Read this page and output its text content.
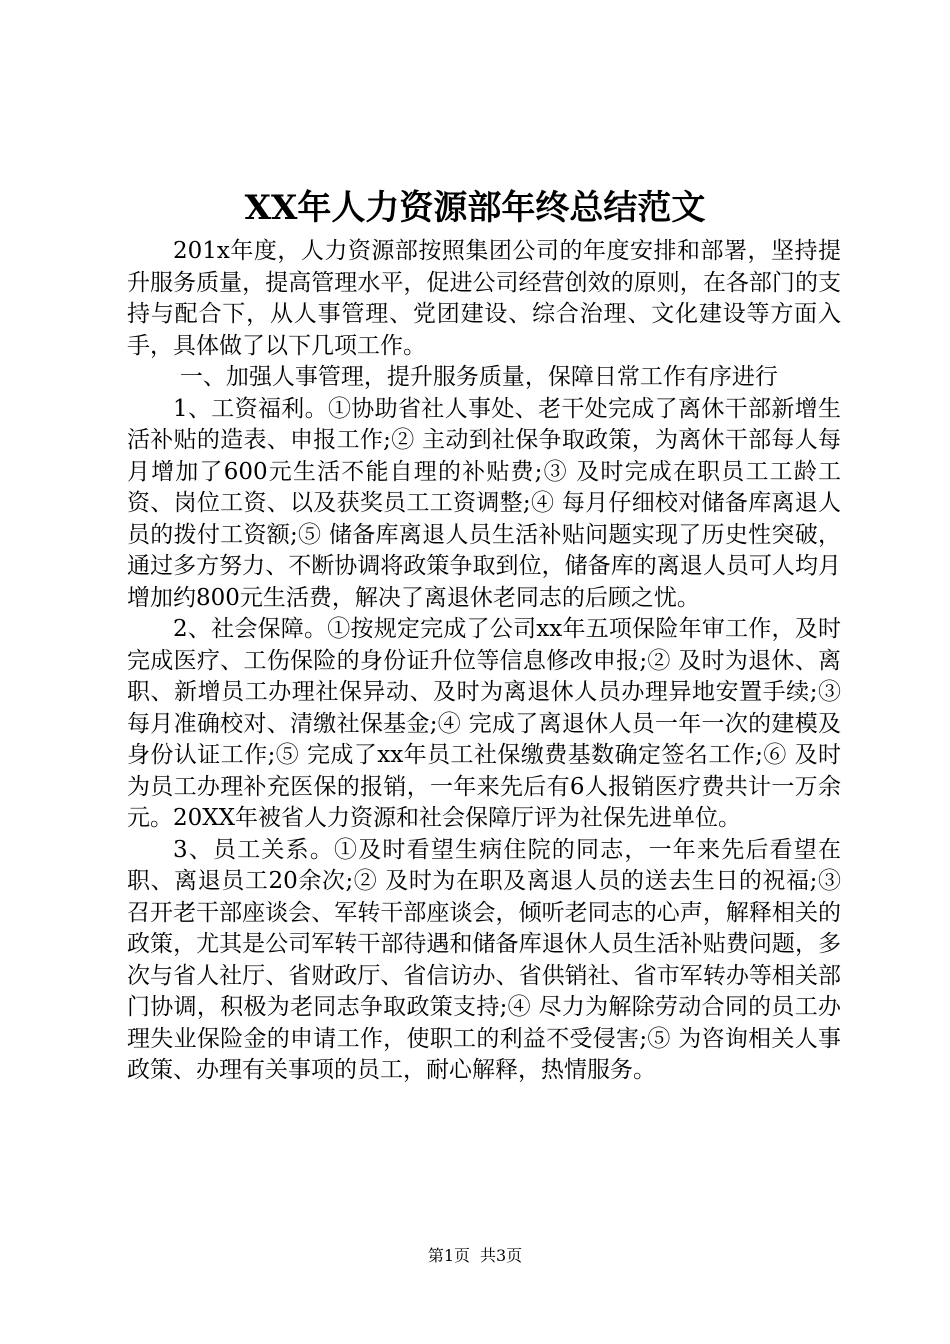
XX年人力资源部年终总结范文

201x年度，人力资源部按照集团公司的年度安排和部署，坚持提升服务质量，提高管理水平，促进公司经营创效的原则，在各部门的支持与配合下，从人事管理、党团建设、综合治理、文化建设等方面入手，具体做了以下几项工作。

一、加强人事管理，提升服务质量，保障日常工作有序进行

1、工资福利。①协助省社人事处、老干处完成了离休干部新增生活补贴的造表、申报工作;② 主动到社保争取政策，为离休干部每人每月增加了600元生活不能自理的补贴费;③ 及时完成在职员工工龄工资、岗位工资、以及获奖员工工资调整;④ 每月仔细校对储备库离退人员的拨付工资额;⑤ 储备库离退人员生活补贴问题实现了历史性突破，通过多方努力、不断协调将政策争取到位，储备库的离退人员可人均月增加约800元生活费，解决了离退休老同志的后顾之忧。

2、社会保障。①按规定完成了公司xx年五项保险年审工作，及时完成医疗、工伤保险的身份证升位等信息修改申报;② 及时为退休、离职、新增员工办理社保异动、及时为离退休人员办理异地安置手续;③ 每月准确校对、清缴社保基金;④ 完成了离退休人员一年一次的建模及身份认证工作;⑤ 完成了xx年员工社保缴费基数确定签名工作;⑥ 及时为员工办理补充医保的报销，一年来先后有6人报销医疗费共计一万余元。20XX年被省人力资源和社会保障厅评为社保先进单位。

3、员工关系。①及时看望生病住院的同志，一年来先后看望在职、离退员工20余次;② 及时为在职及离退人员的送去生日的祝福;③ 召开老干部座谈会、军转干部座谈会，倾听老同志的心声，解释相关的政策，尤其是公司军转干部待遇和储备库退休人员生活补贴费问题，多次与省人社厅、省财政厅、省信访办、省供销社、省市军转办等相关部门协调，积极为老同志争取政策支持;④ 尽力为解除劳动合同的员工办理失业保险金的申请工作，使职工的利益不受侵害;⑤ 为咨询相关人事政策、办理有关事项的员工，耐心解释，热情服务。

第1页 共3页
